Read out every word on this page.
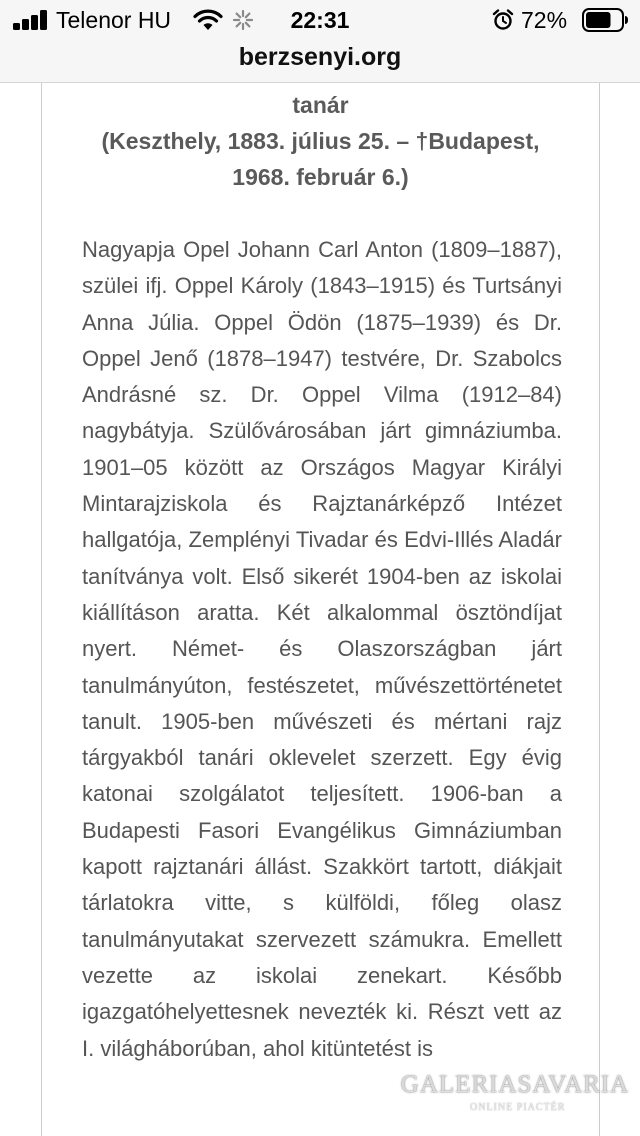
Telenor HU	22:31	72%
berzsenyi.org
tanár
(Keszthely, 1883. július 25. – †Budapest,
1968. február 6.)

Nagyapja Opel Johann Carl Anton (1809–1887), szülei ifj. Oppel Károly (1843–1915) és Turtsányi Anna Júlia. Oppel Ödön (1875–1939) és Dr. Oppel Jenő (1878–1947) testvére, Dr. Szabolcs Andrásné sz. Dr. Oppel Vilma (1912–84) nagybátyja. Szülővárosában járt gimnáziumba. 1901–05 között az Országos Magyar Királyi Mintarajziskola és Rajztanárképző Intézet hallgatója, Zemplényi Tivadar és Edvi-Illés Aladár tanítványa volt. Első sikerét 1904-ben az iskolai kiállításon aratta. Két alkalommal ösztöndíjat nyert. Német- és Olaszországban járt tanulmányúton, festészetet, művészettörténetet tanult. 1905-ben művészeti és mértani rajz tárgyakból tanári oklevelet szerzett. Egy évig katonai szolgálatot teljesített. 1906-ban a Budapesti Fasori Evangélikus Gimnáziumban kapott rajztanári állást. Szakkört tartott, diákjait tárlatokra vitte, s külföldi, főleg olasz tanulmányutakat szervezett számukra. Emellett vezette az iskolai zenekart. Később igazgatóhelyettesnek nevezték ki. Részt vett az I. világháborúban, ahol kitüntetést is

GALERIASAVARIA
ONLINE PIACTÉR
